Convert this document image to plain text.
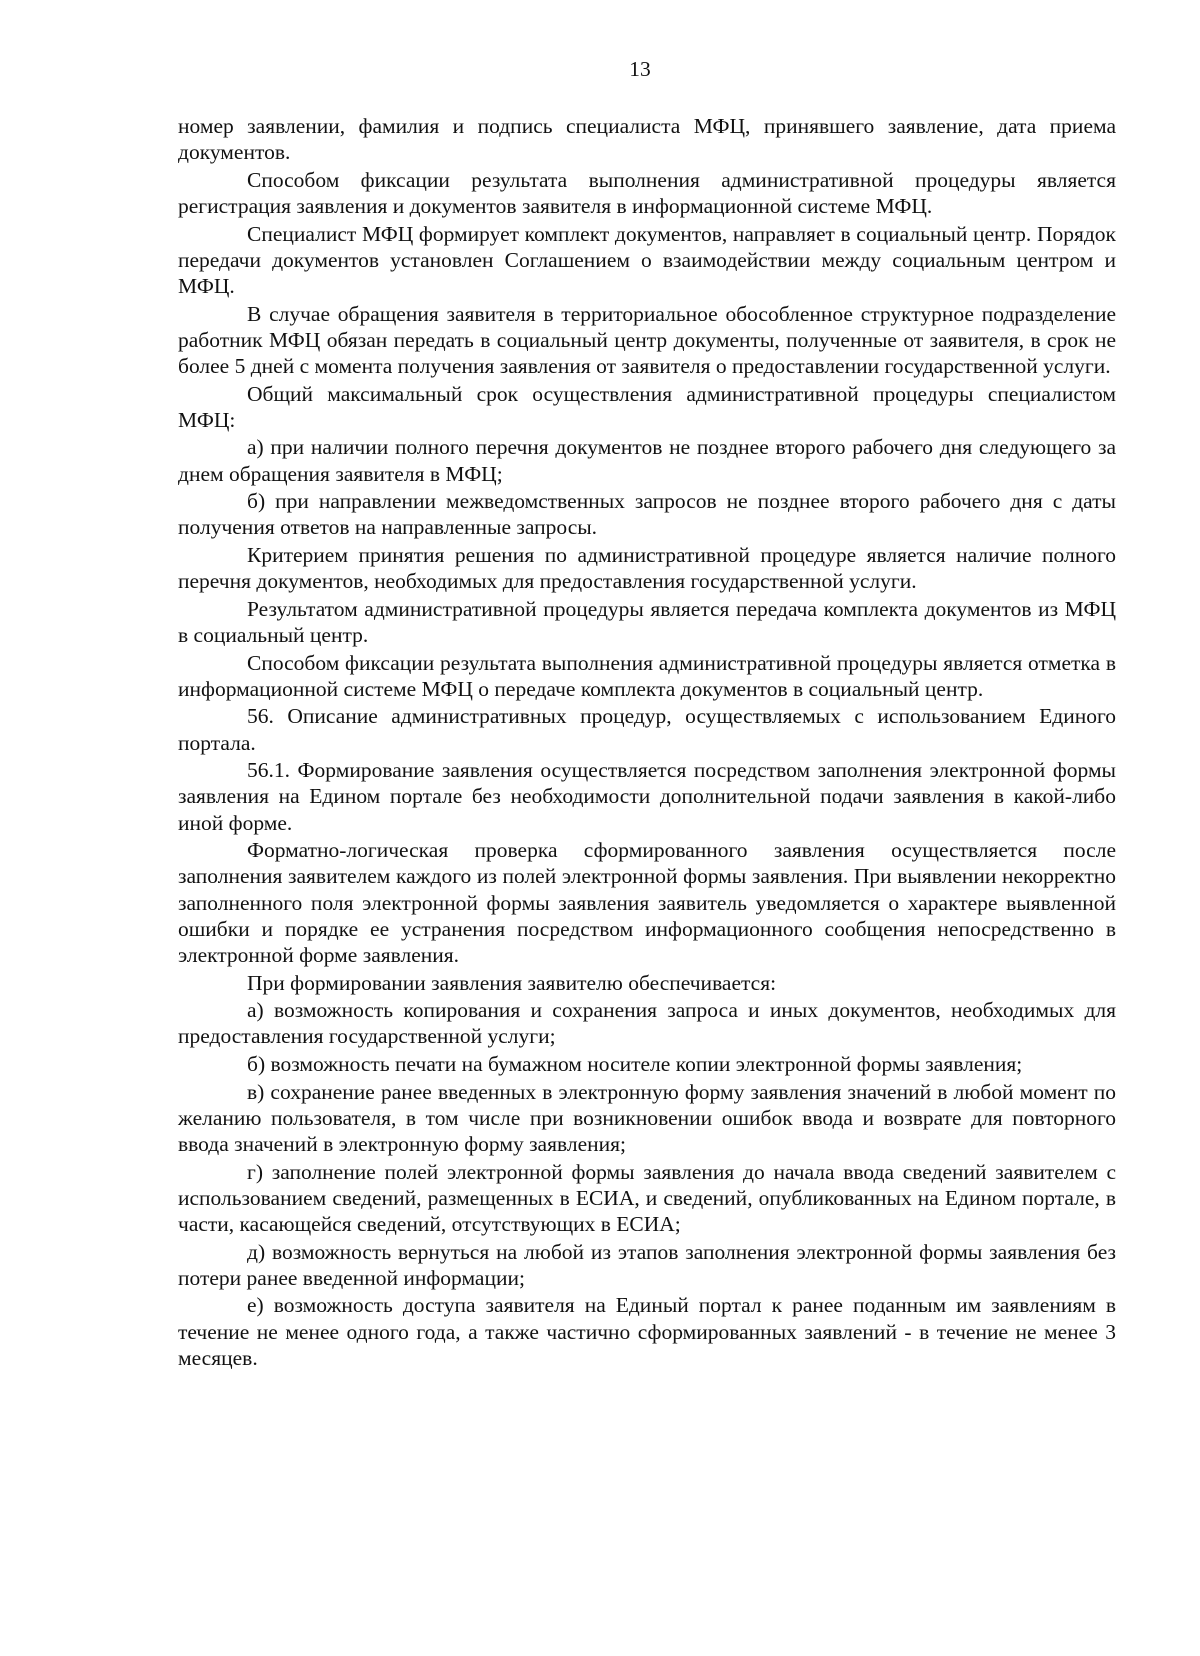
13

номер заявлении, фамилия и подпись специалиста МФЦ, принявшего заявление, дата приема документов.

Способом фиксации результата выполнения административной процедуры является регистрация заявления и документов заявителя в информационной системе МФЦ.

Специалист МФЦ формирует комплект документов, направляет в социальный центр. Порядок передачи документов установлен Соглашением о взаимодействии между социальным центром и МФЦ.

В случае обращения заявителя в территориальное обособленное структурное подразделение работник МФЦ обязан передать в социальный центр документы, полученные от заявителя, в срок не более 5 дней с момента получения заявления от заявителя о предоставлении государственной услуги.

Общий максимальный срок осуществления административной процедуры специалистом МФЦ:

а) при наличии полного перечня документов не позднее второго рабочего дня следующего за днем обращения заявителя в МФЦ;

б) при направлении межведомственных запросов не позднее второго рабочего дня с даты получения ответов на направленные запросы.

Критерием принятия решения по административной процедуре является наличие полного перечня документов, необходимых для предоставления государственной услуги.

Результатом административной процедуры является передача комплекта документов из МФЦ в социальный центр.

Способом фиксации результата выполнения административной процедуры является отметка в информационной системе МФЦ о передаче комплекта документов в социальный центр.

56. Описание административных процедур, осуществляемых с использованием Единого портала.

56.1. Формирование заявления осуществляется посредством заполнения электронной формы заявления на Едином портале без необходимости дополнительной подачи заявления в какой-либо иной форме.

Форматно-логическая проверка сформированного заявления осуществляется после заполнения заявителем каждого из полей электронной формы заявления. При выявлении некорректно заполненного поля электронной формы заявления заявитель уведомляется о характере выявленной ошибки и порядке ее устранения посредством информационного сообщения непосредственно в электронной форме заявления.

При формировании заявления заявителю обеспечивается:

а) возможность копирования и сохранения запроса и иных документов, необходимых для предоставления государственной услуги;

б) возможность печати на бумажном носителе копии электронной формы заявления;

в) сохранение ранее введенных в электронную форму заявления значений в любой момент по желанию пользователя, в том числе при возникновении ошибок ввода и возврате для повторного ввода значений в электронную форму заявления;

г) заполнение полей электронной формы заявления до начала ввода сведений заявителем с использованием сведений, размещенных в ЕСИА, и сведений, опубликованных на Едином портале, в части, касающейся сведений, отсутствующих в ЕСИА;

д) возможность вернуться на любой из этапов заполнения электронной формы заявления без потери ранее введенной информации;

е) возможность доступа заявителя на Единый портал к ранее поданным им заявлениям в течение не менее одного года, а также частично сформированных заявлений - в течение не менее 3 месяцев.
